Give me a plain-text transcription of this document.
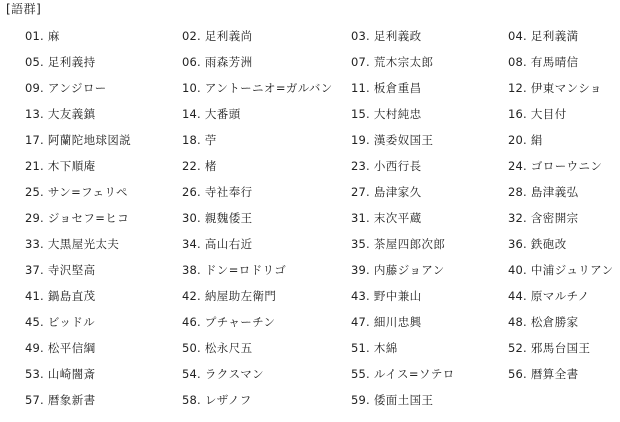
[語群]
01. 麻	02. 足利義尚	03. 足利義政	04. 足利義満
05. 足利義持	06. 雨森芳洲	07. 荒木宗太郎	08. 有馬晴信
09. アンジロー	10. アントーニオ=ガルバン 11. 板倉重昌	12. 伊東マンショ
13. 大友義鎮	14. 大番頭	15. 大村純忠	16. 大目付
17. 阿蘭陀地球図説	18. 苧	19. 漢委奴国王	20. 絹
21. 木下順庵	22. 楮	23. 小西行長	24. ゴローウニン
25. サン=フェリペ	26. 寺社奉行	27. 島津家久	28. 島津義弘
29. ジョセフ=ヒコ	30. 親魏倭王	31. 末次平蔵	32. 含密開宗
33. 大黒屋光太夫	34. 高山右近	35. 茶屋四郎次郎	36. 鉄砲改
37. 寺沢堅高	38. ドン=ロドリゴ	39. 内藤ジョアン	40. 中浦ジュリアン
41. 鍋島直茂	42. 納屋助左衛門	43. 野中兼山	44. 原マルチノ
45. ビッドル	46. プチャーチン	47. 細川忠興	48. 松倉勝家
49. 松平信綱	50. 松永尺五	51. 木綿	52. 邪馬台国王
53. 山崎闇斎	54. ラクスマン	55. ルイス=ソテロ	56. 暦算全書
57. 暦象新書	58. レザノフ	59. 倭面土国王
